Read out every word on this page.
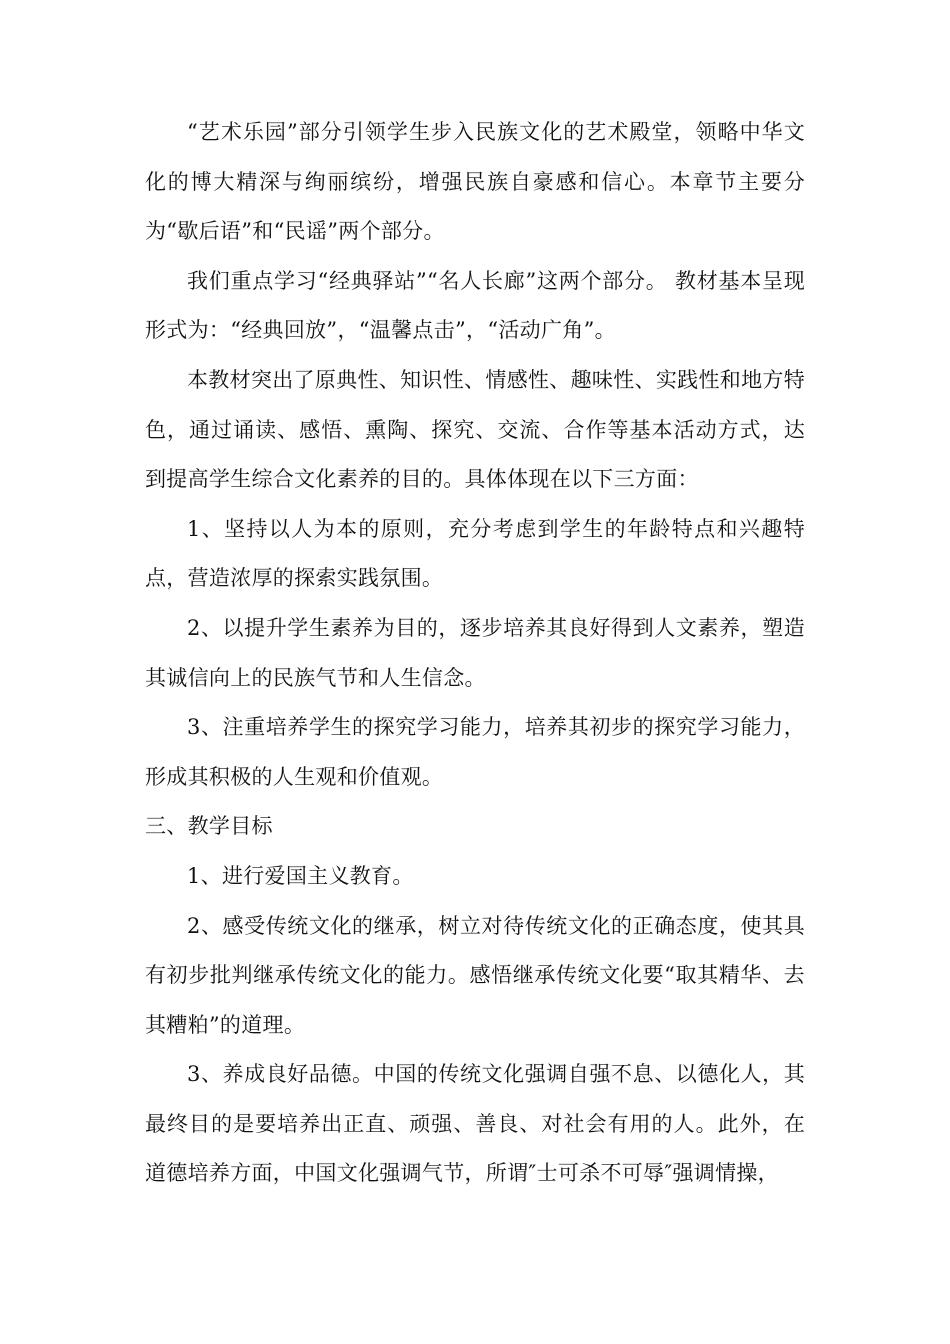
“艺术乐园”部分引领学生步入民族文化的艺术殿堂，领略中华文化的博大精深与绚丽缤纷，增强民族自豪感和信心。本章节主要分为“歇后语”和“民谣”两个部分。

我们重点学习“经典驿站”“名人长廊”这两个部分。 教材基本呈现形式为：“经典回放”，“温馨点击”，“活动广角”。

本教材突出了原典性、知识性、情感性、趣味性、实践性和地方特色，通过诵读、感悟、熏陶、探究、交流、合作等基本活动方式，达到提高学生综合文化素养的目的。具体体现在以下三方面：

1、坚持以人为本的原则，充分考虑到学生的年龄特点和兴趣特点，营造浓厚的探索实践氛围。

2、以提升学生素养为目的，逐步培养其良好得到人文素养，塑造其诚信向上的民族气节和人生信念。

3、注重培养学生的探究学习能力，培养其初步的探究学习能力，形成其积极的人生观和价值观。

三、教学目标

1、进行爱国主义教育。

2、感受传统文化的继承，树立对待传统文化的正确态度，使其具有初步批判继承传统文化的能力。感悟继承传统文化要“取其精华、去其糟粕”的道理。

3、养成良好品德。中国的传统文化强调自强不息、以德化人，其最终目的是要培养出正直、顽强、善良、对社会有用的人。此外，在道德培养方面，中国文化强调气节，所谓″士可杀不可辱″强调情操，
